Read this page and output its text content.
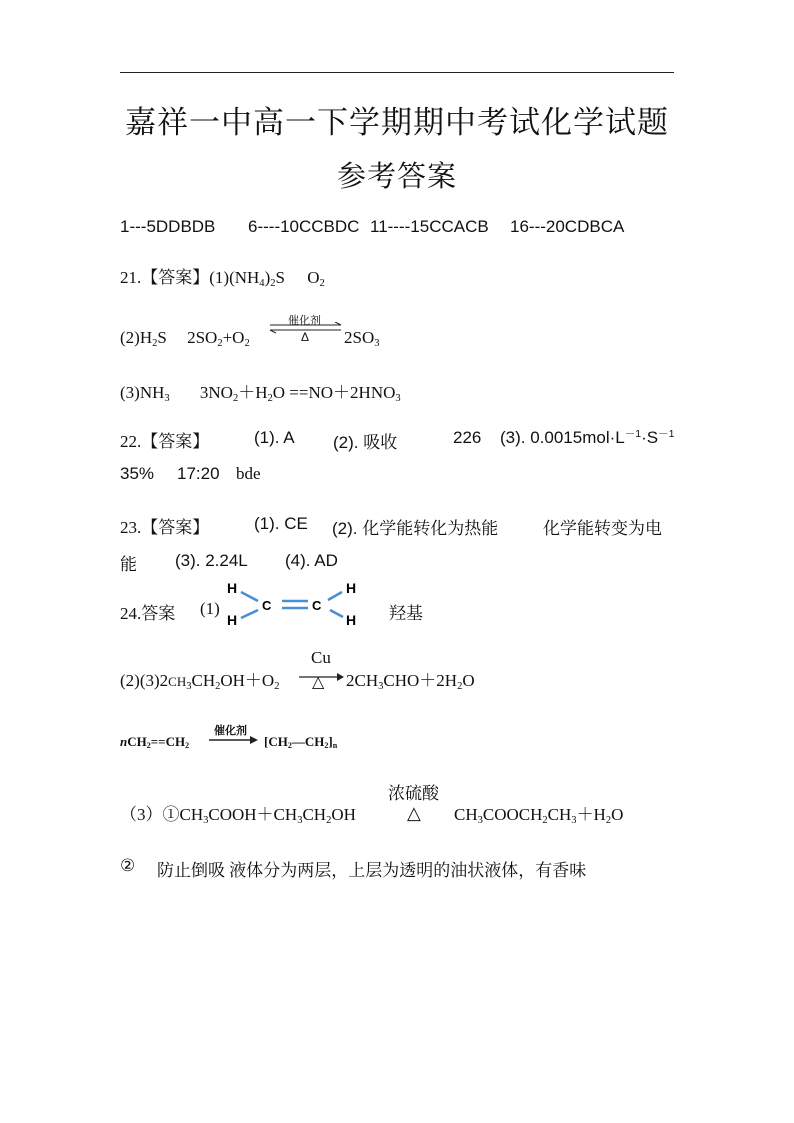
嘉祥一中高一下学期期中考试化学试题
参考答案
1---5DDBDB 6----10CCBDC 11----15CCACB 16---20CDBCA
21.【答案】(1)(NH4)2S O2
(2)H2S 2SO2+O2
催化剂
Δ 2SO3
(3)NH3 3NO2＋H2O ==NO＋2HNO3
22.【答案】	(1). A (2). 吸收	226 (3). $0.0015mol\cdot L^{-1}\cdot S^{-1}$
35% 17:20 bde
23.【答案】	(1). CE (2). 化学能转化为热能	化学能转变为电
能 (3). 2.24L (4). AD
24.答案 (1)
H
H
C	C
H
H 羟基
(2)(3)2CH3CH2OH＋O2
Cu
△ 2CH3CHO＋2H2O
nCH2==CH2
催化剂
[CH2—CH2]n
浓硫酸
（3）①CH3COOH＋CH3CH2OH	△ CH3COOCH2CH3＋H2O
② 防止倒吸 液体分为两层，上层为透明的油状液体，有香味
